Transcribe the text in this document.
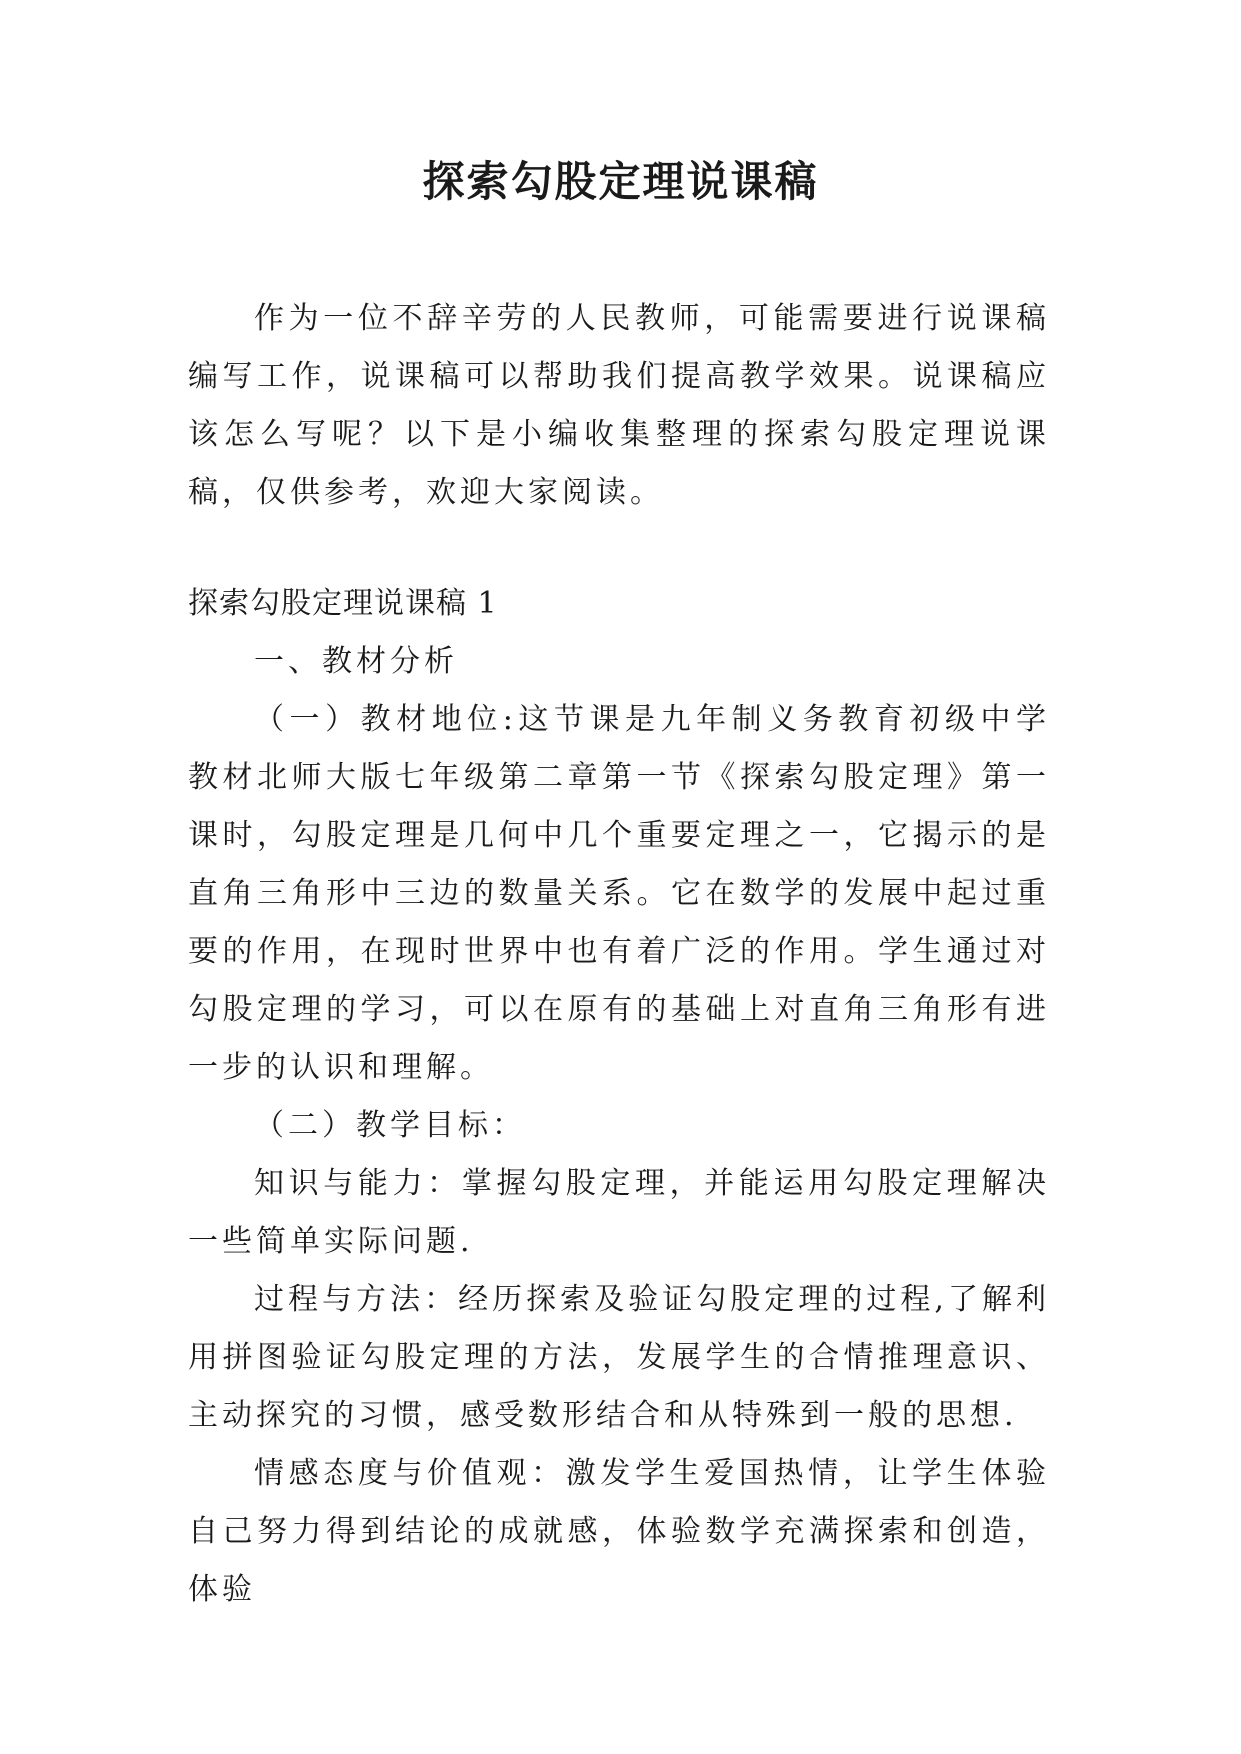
探索勾股定理说课稿

作为一位不辞辛劳的人民教师，可能需要进行说课稿编写工作，说课稿可以帮助我们提高教学效果。说课稿应该怎么写呢？以下是小编收集整理的探索勾股定理说课稿，仅供参考，欢迎大家阅读。

探索勾股定理说课稿 1

一、教材分析

（一）教材地位:这节课是九年制义务教育初级中学教材北师大版七年级第二章第一节《探索勾股定理》第一课时，勾股定理是几何中几个重要定理之一，它揭示的是直角三角形中三边的数量关系。它在数学的发展中起过重要的作用，在现时世界中也有着广泛的作用。学生通过对勾股定理的学习，可以在原有的基础上对直角三角形有进一步的认识和理解。

（二）教学目标：

知识与能力：掌握勾股定理，并能运用勾股定理解决一些简单实际问题.

过程与方法：经历探索及验证勾股定理的过程,了解利用拼图验证勾股定理的方法，发展学生的合情推理意识、主动探究的习惯，感受数形结合和从特殊到一般的思想.

情感态度与价值观：激发学生爱国热情，让学生体验自己努力得到结论的成就感，体验数学充满探索和创造，体验
